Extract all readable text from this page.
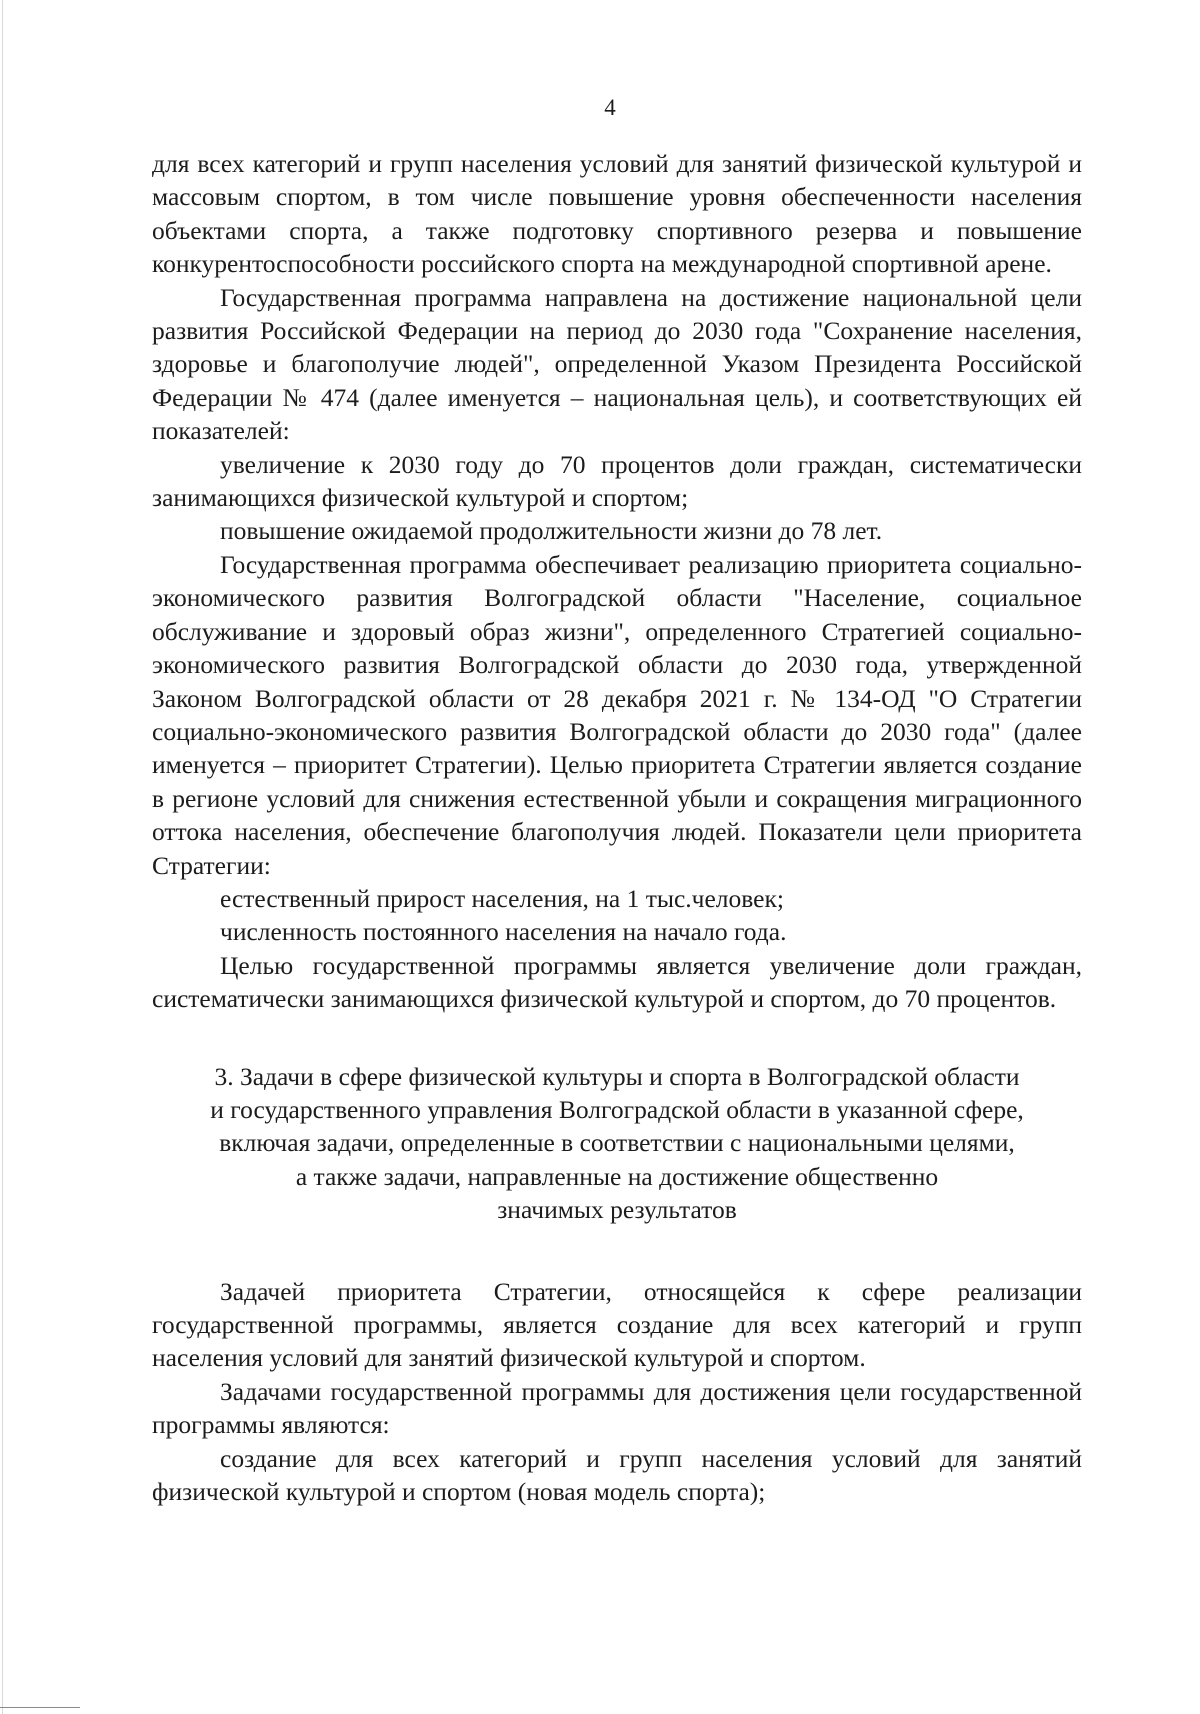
4

для всех категорий и групп населения условий для занятий физической культурой и массовым спортом, в том числе повышение уровня обеспеченности населения объектами спорта, а также подготовку спортивного резерва и повышение конкурентоспособности российского спорта на международной спортивной арене.

Государственная программа направлена на достижение национальной цели развития Российской Федерации на период до 2030 года "Сохранение населения, здоровье и благополучие людей", определенной Указом Президента Российской Федерации № 474 (далее именуется – национальная цель), и соответствующих ей показателей:

увеличение к 2030 году до 70 процентов доли граждан, систематически занимающихся физической культурой и спортом;

повышение ожидаемой продолжительности жизни до 78 лет.

Государственная программа обеспечивает реализацию приоритета социально-экономического развития Волгоградской области "Население, социальное обслуживание и здоровый образ жизни", определенного Стратегией социально-экономического развития Волгоградской области до 2030 года, утвержденной Законом Волгоградской области от 28 декабря 2021 г. № 134-ОД "О Стратегии социально-экономического развития Волгоградской области до 2030 года" (далее именуется – приоритет Стратегии). Целью приоритета Стратегии является создание в регионе условий для снижения естественной убыли и сокращения миграционного оттока населения, обеспечение благополучия людей. Показатели цели приоритета Стратегии:

естественный прирост населения, на 1 тыс.человек;

численность постоянного населения на начало года.

Целью государственной программы является увеличение доли граждан, систематически занимающихся физической культурой и спортом, до 70 процентов.

3. Задачи в сфере физической культуры и спорта в Волгоградской области
и государственного управления Волгоградской области в указанной сфере,
включая задачи, определенные в соответствии с национальными целями,
а также задачи, направленные на достижение общественно
значимых результатов

Задачей приоритета Стратегии, относящейся к сфере реализации государственной программы, является создание для всех категорий и групп населения условий для занятий физической культурой и спортом.

Задачами государственной программы для достижения цели государственной программы являются:

создание для всех категорий и групп населения условий для занятий физической культурой и спортом (новая модель спорта);
